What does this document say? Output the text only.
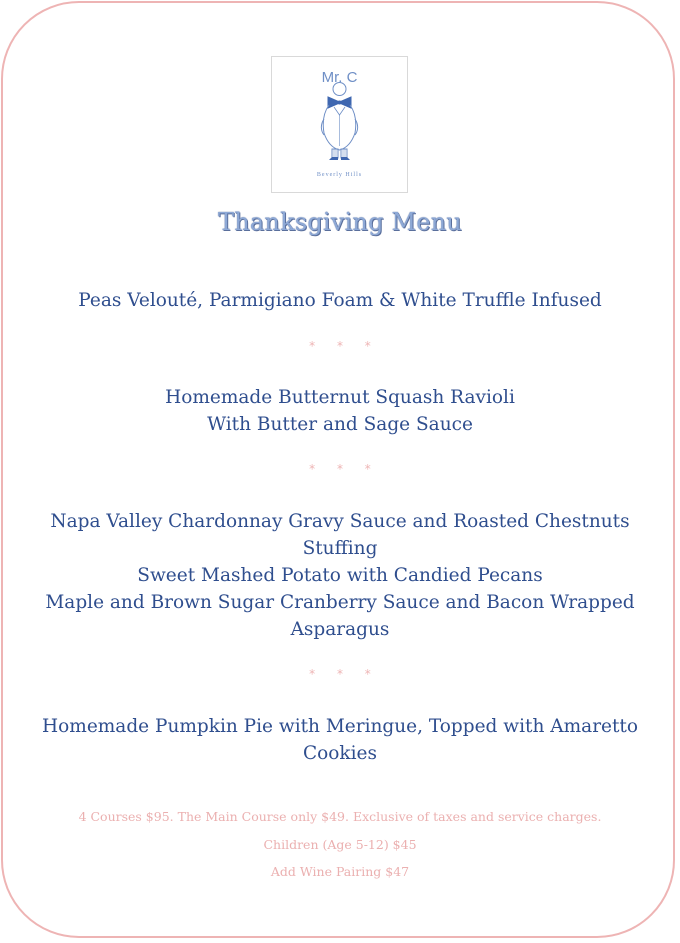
Mr. C
Beverly Hills
Thanksgiving Menu
Peas Velouté, Parmigiano Foam & White Truffle Infused
* * *
Homemade Butternut Squash Ravioli
With Butter and Sage Sauce
* * *
Napa Valley Chardonnay Gravy Sauce and Roasted Chestnuts
Stuffing
Sweet Mashed Potato with Candied Pecans
Maple and Brown Sugar Cranberry Sauce and Bacon Wrapped
Asparagus
* * *
Homemade Pumpkin Pie with Meringue, Topped with Amaretto
Cookies
4 Courses $95. The Main Course only $49. Exclusive of taxes and service charges.
Children (Age 5-12) $45
Add Wine Pairing $47
